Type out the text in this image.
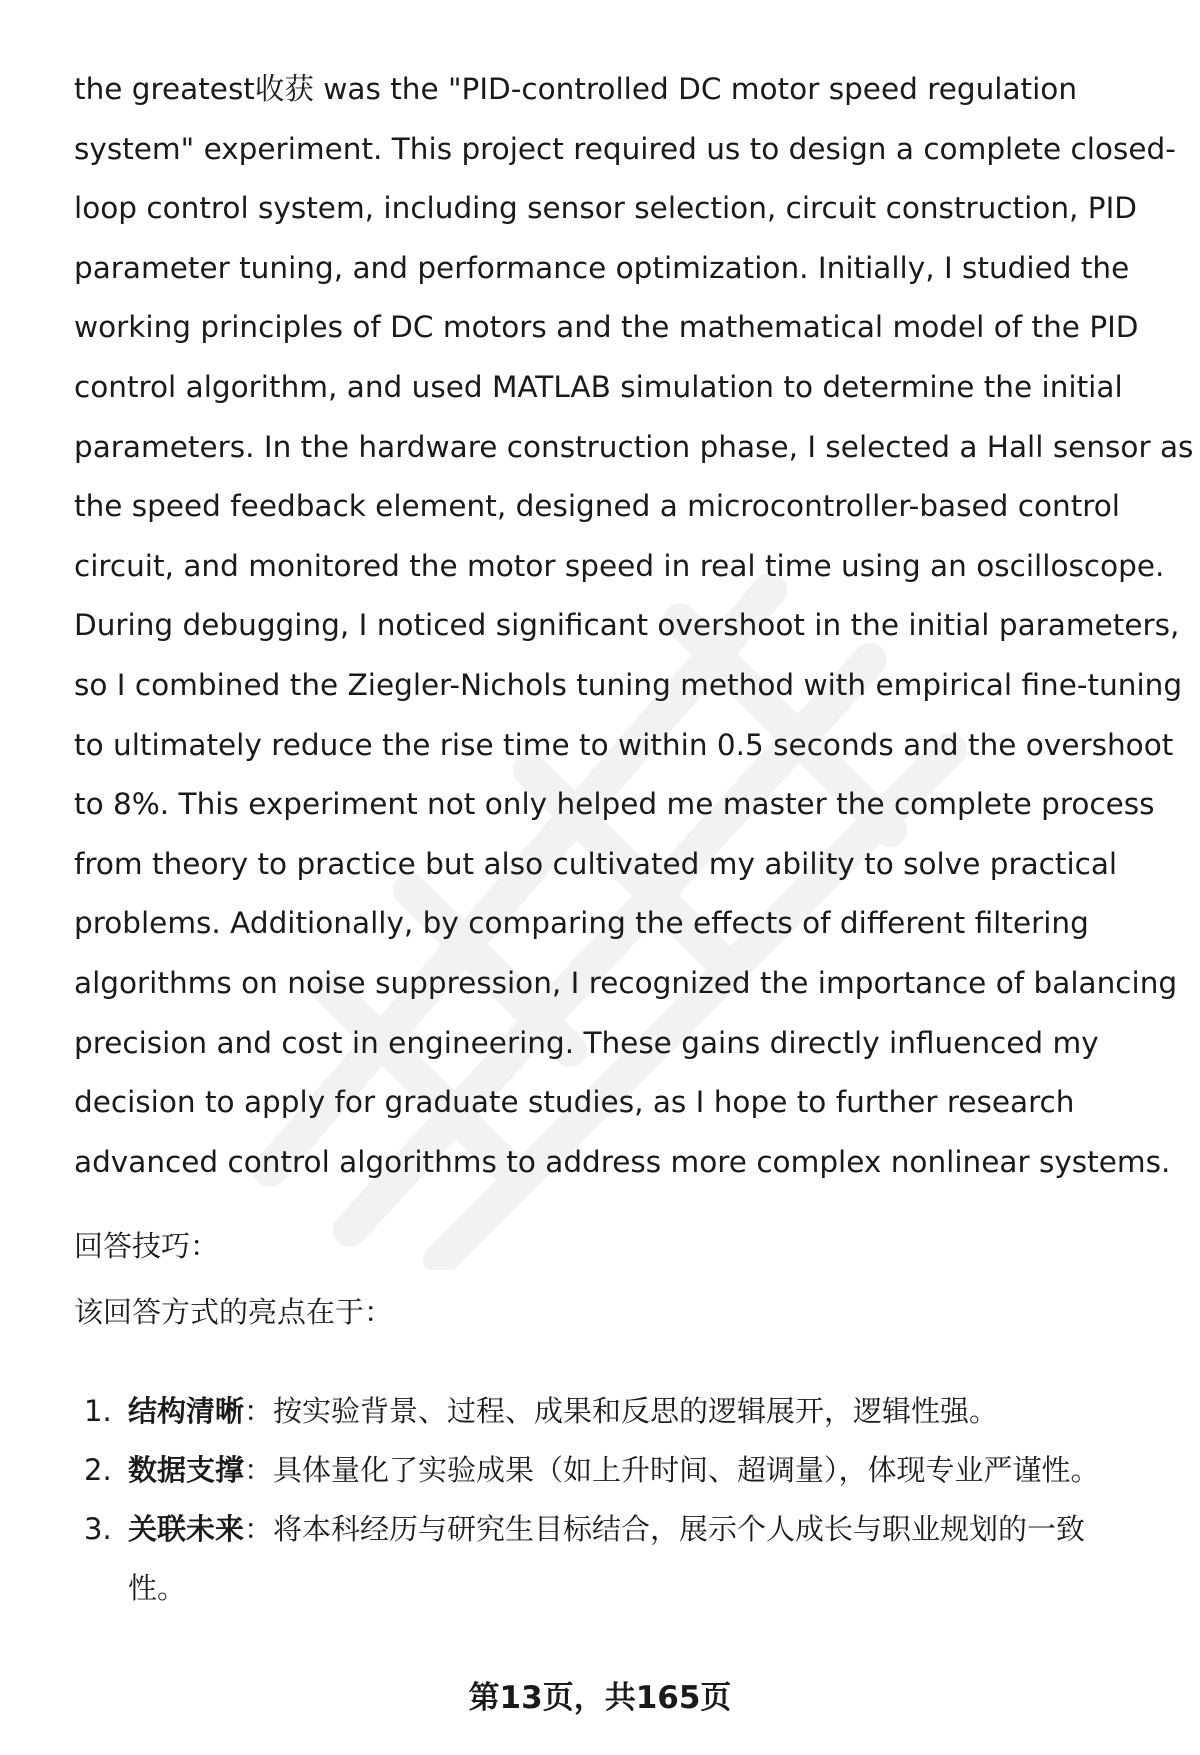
the greatest收获 was the "PID-controlled DC motor speed regulation
system" experiment. This project required us to design a complete closed-
loop control system, including sensor selection, circuit construction, PID
parameter tuning, and performance optimization. Initially, I studied the
working principles of DC motors and the mathematical model of the PID
control algorithm, and used MATLAB simulation to determine the initial
parameters. In the hardware construction phase, I selected a Hall sensor as
the speed feedback element, designed a microcontroller-based control
circuit, and monitored the motor speed in real time using an oscilloscope.
During debugging, I noticed significant overshoot in the initial parameters,
so I combined the Ziegler-Nichols tuning method with empirical fine-tuning
to ultimately reduce the rise time to within 0.5 seconds and the overshoot
to 8%. This experiment not only helped me master the complete process
from theory to practice but also cultivated my ability to solve practical
problems. Additionally, by comparing the effects of different filtering
algorithms on noise suppression, I recognized the importance of balancing
precision and cost in engineering. These gains directly influenced my
decision to apply for graduate studies, as I hope to further research
advanced control algorithms to address more complex nonlinear systems.

回答技巧：

该回答方式的亮点在于：

1. 结构清晰：按实验背景、过程、成果和反思的逻辑展开，逻辑性强。
2. 数据支撑：具体量化了实验成果（如上升时间、超调量），体现专业严谨性。
3. 关联未来：将本科经历与研究生目标结合，展示个人成长与职业规划的一致
性。

第13页，共165页
